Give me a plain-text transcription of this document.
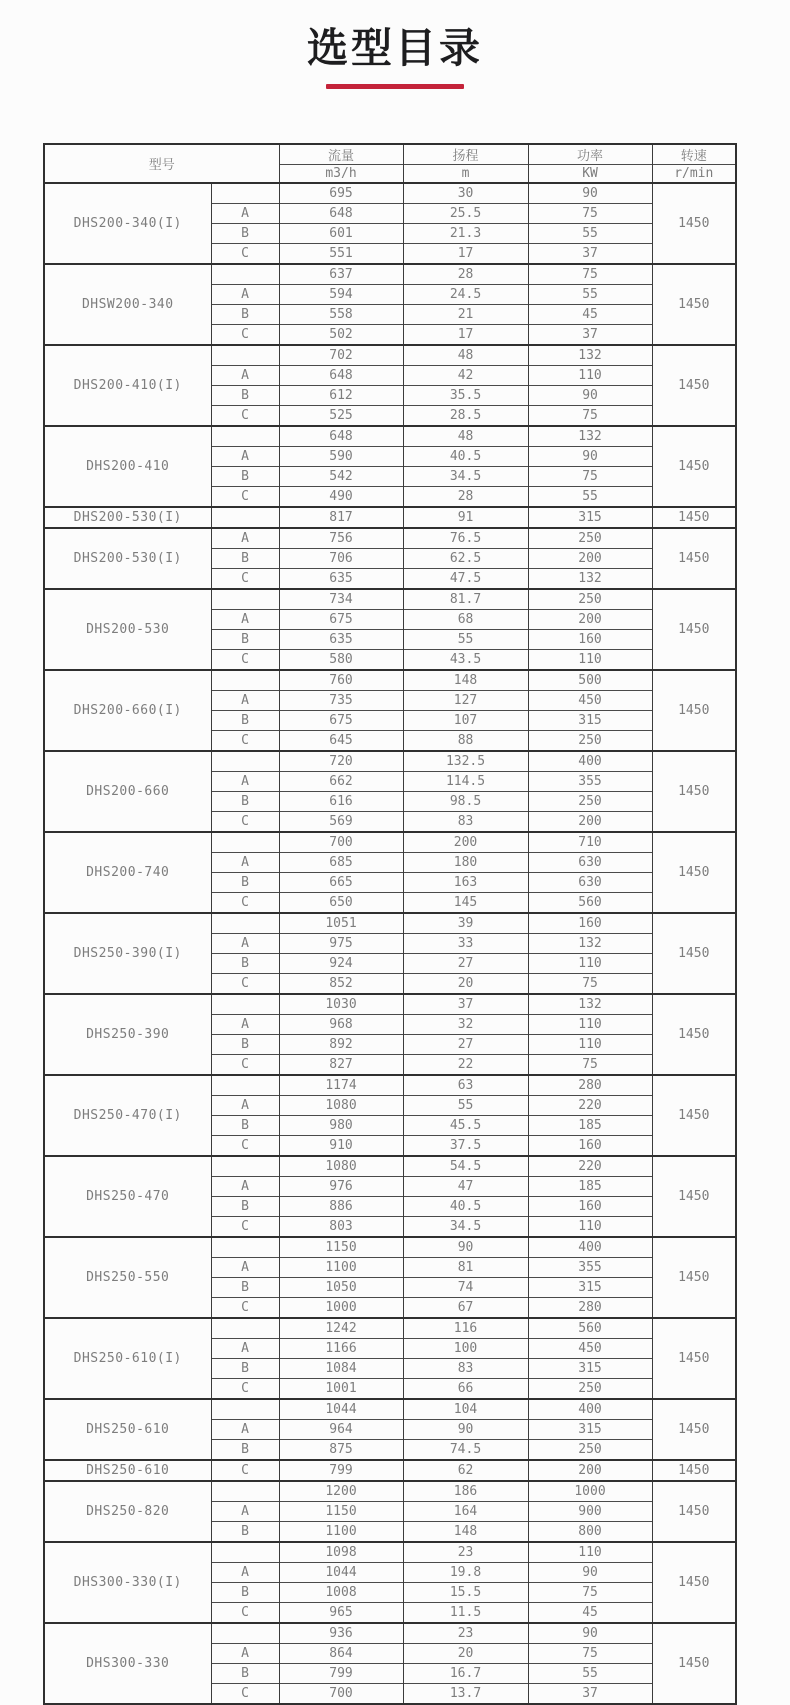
选型目录
型号		流量	扬程	功率	转速
		m3/h	m	KW	r/min
DHS200-340(I)		695	30	90	1450
	A	648	25.5	75	
	B	601	21.3	55	
	C	551	17	37	
DHSW200-340		637	28	75	1450
	A	594	24.5	55	
	B	558	21	45	
	C	502	17	37	
DHS200-410(I)		702	48	132	1450
	A	648	42	110	
	B	612	35.5	90	
	C	525	28.5	75	
DHS200-410		648	48	132	1450
	A	590	40.5	90	
	B	542	34.5	75	
	C	490	28	55	
DHS200-530(I)		817	91	315	1450
DHS200-530(I)	A	756	76.5	250	1450
	B	706	62.5	200	
	C	635	47.5	132	
DHS200-530		734	81.7	250	1450
	A	675	68	200	
	B	635	55	160	
	C	580	43.5	110	
DHS200-660(I)		760	148	500	1450
	A	735	127	450	
	B	675	107	315	
	C	645	88	250	
DHS200-660		720	132.5	400	1450
	A	662	114.5	355	
	B	616	98.5	250	
	C	569	83	200	
DHS200-740		700	200	710	1450
	A	685	180	630	
	B	665	163	630	
	C	650	145	560	
DHS250-390(I)		1051	39	160	1450
	A	975	33	132	
	B	924	27	110	
	C	852	20	75	
DHS250-390		1030	37	132	1450
	A	968	32	110	
	B	892	27	110	
	C	827	22	75	
DHS250-470(I)		1174	63	280	1450
	A	1080	55	220	
	B	980	45.5	185	
	C	910	37.5	160	
DHS250-470		1080	54.5	220	1450
	A	976	47	185	
	B	886	40.5	160	
	C	803	34.5	110	
DHS250-550		1150	90	400	1450
	A	1100	81	355	
	B	1050	74	315	
	C	1000	67	280	
DHS250-610(I)		1242	116	560	1450
	A	1166	100	450	
	B	1084	83	315	
	C	1001	66	250	
DHS250-610		1044	104	400	1450
	A	964	90	315	
	B	875	74.5	250	
DHS250-610	C	799	62	200	1450
DHS250-820		1200	186	1000	1450
	A	1150	164	900	
	B	1100	148	800	
DHS300-330(I)		1098	23	110	1450
	A	1044	19.8	90	
	B	1008	15.5	75	
	C	965	11.5	45	
DHS300-330		936	23	90	1450
	A	864	20	75	
	B	799	16.7	55	
	C	700	13.7	37	
